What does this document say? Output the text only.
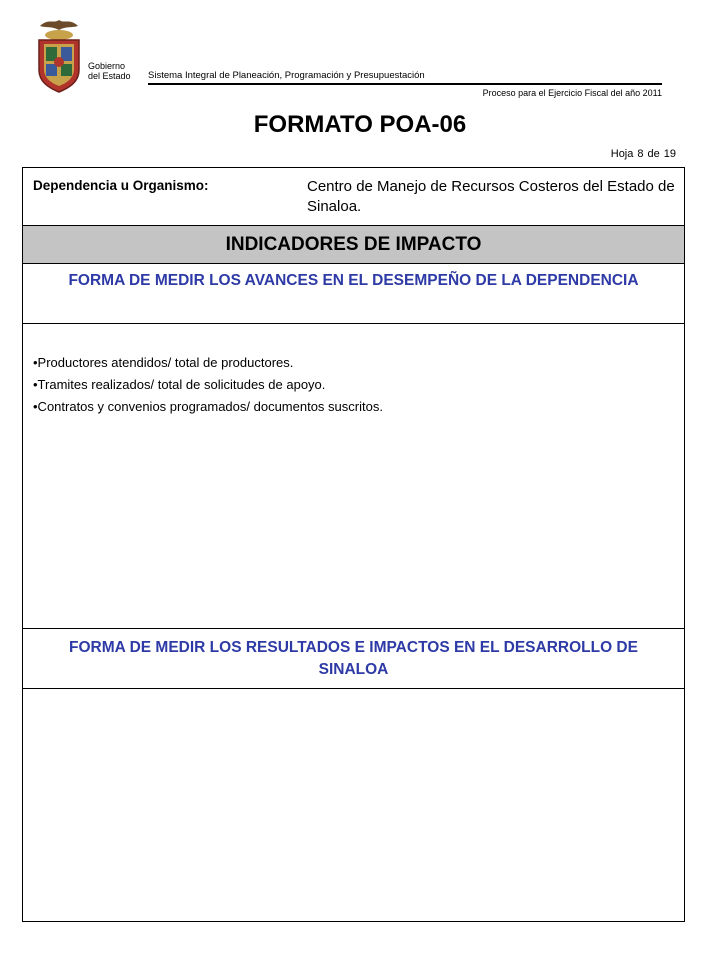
Gobierno
del Estado Sistema Integral de Planeación, Programación y Presupuestación
Proceso para el Ejercicio Fiscal del año 2011
FORMATO POA-06
Hoja 8 de 19
Dependencia u Organismo:	Centro de Manejo de Recursos Costeros del Estado de Sinaloa.
INDICADORES DE IMPACTO
FORMA DE MEDIR LOS AVANCES EN EL DESEMPEÑO DE LA DEPENDENCIA
•Productores atendidos/ total de productores.
•Tramites realizados/ total de solicitudes de apoyo.
•Contratos y convenios programados/ documentos suscritos.
FORMA DE MEDIR LOS RESULTADOS E IMPACTOS EN EL DESARROLLO DE SINALOA
